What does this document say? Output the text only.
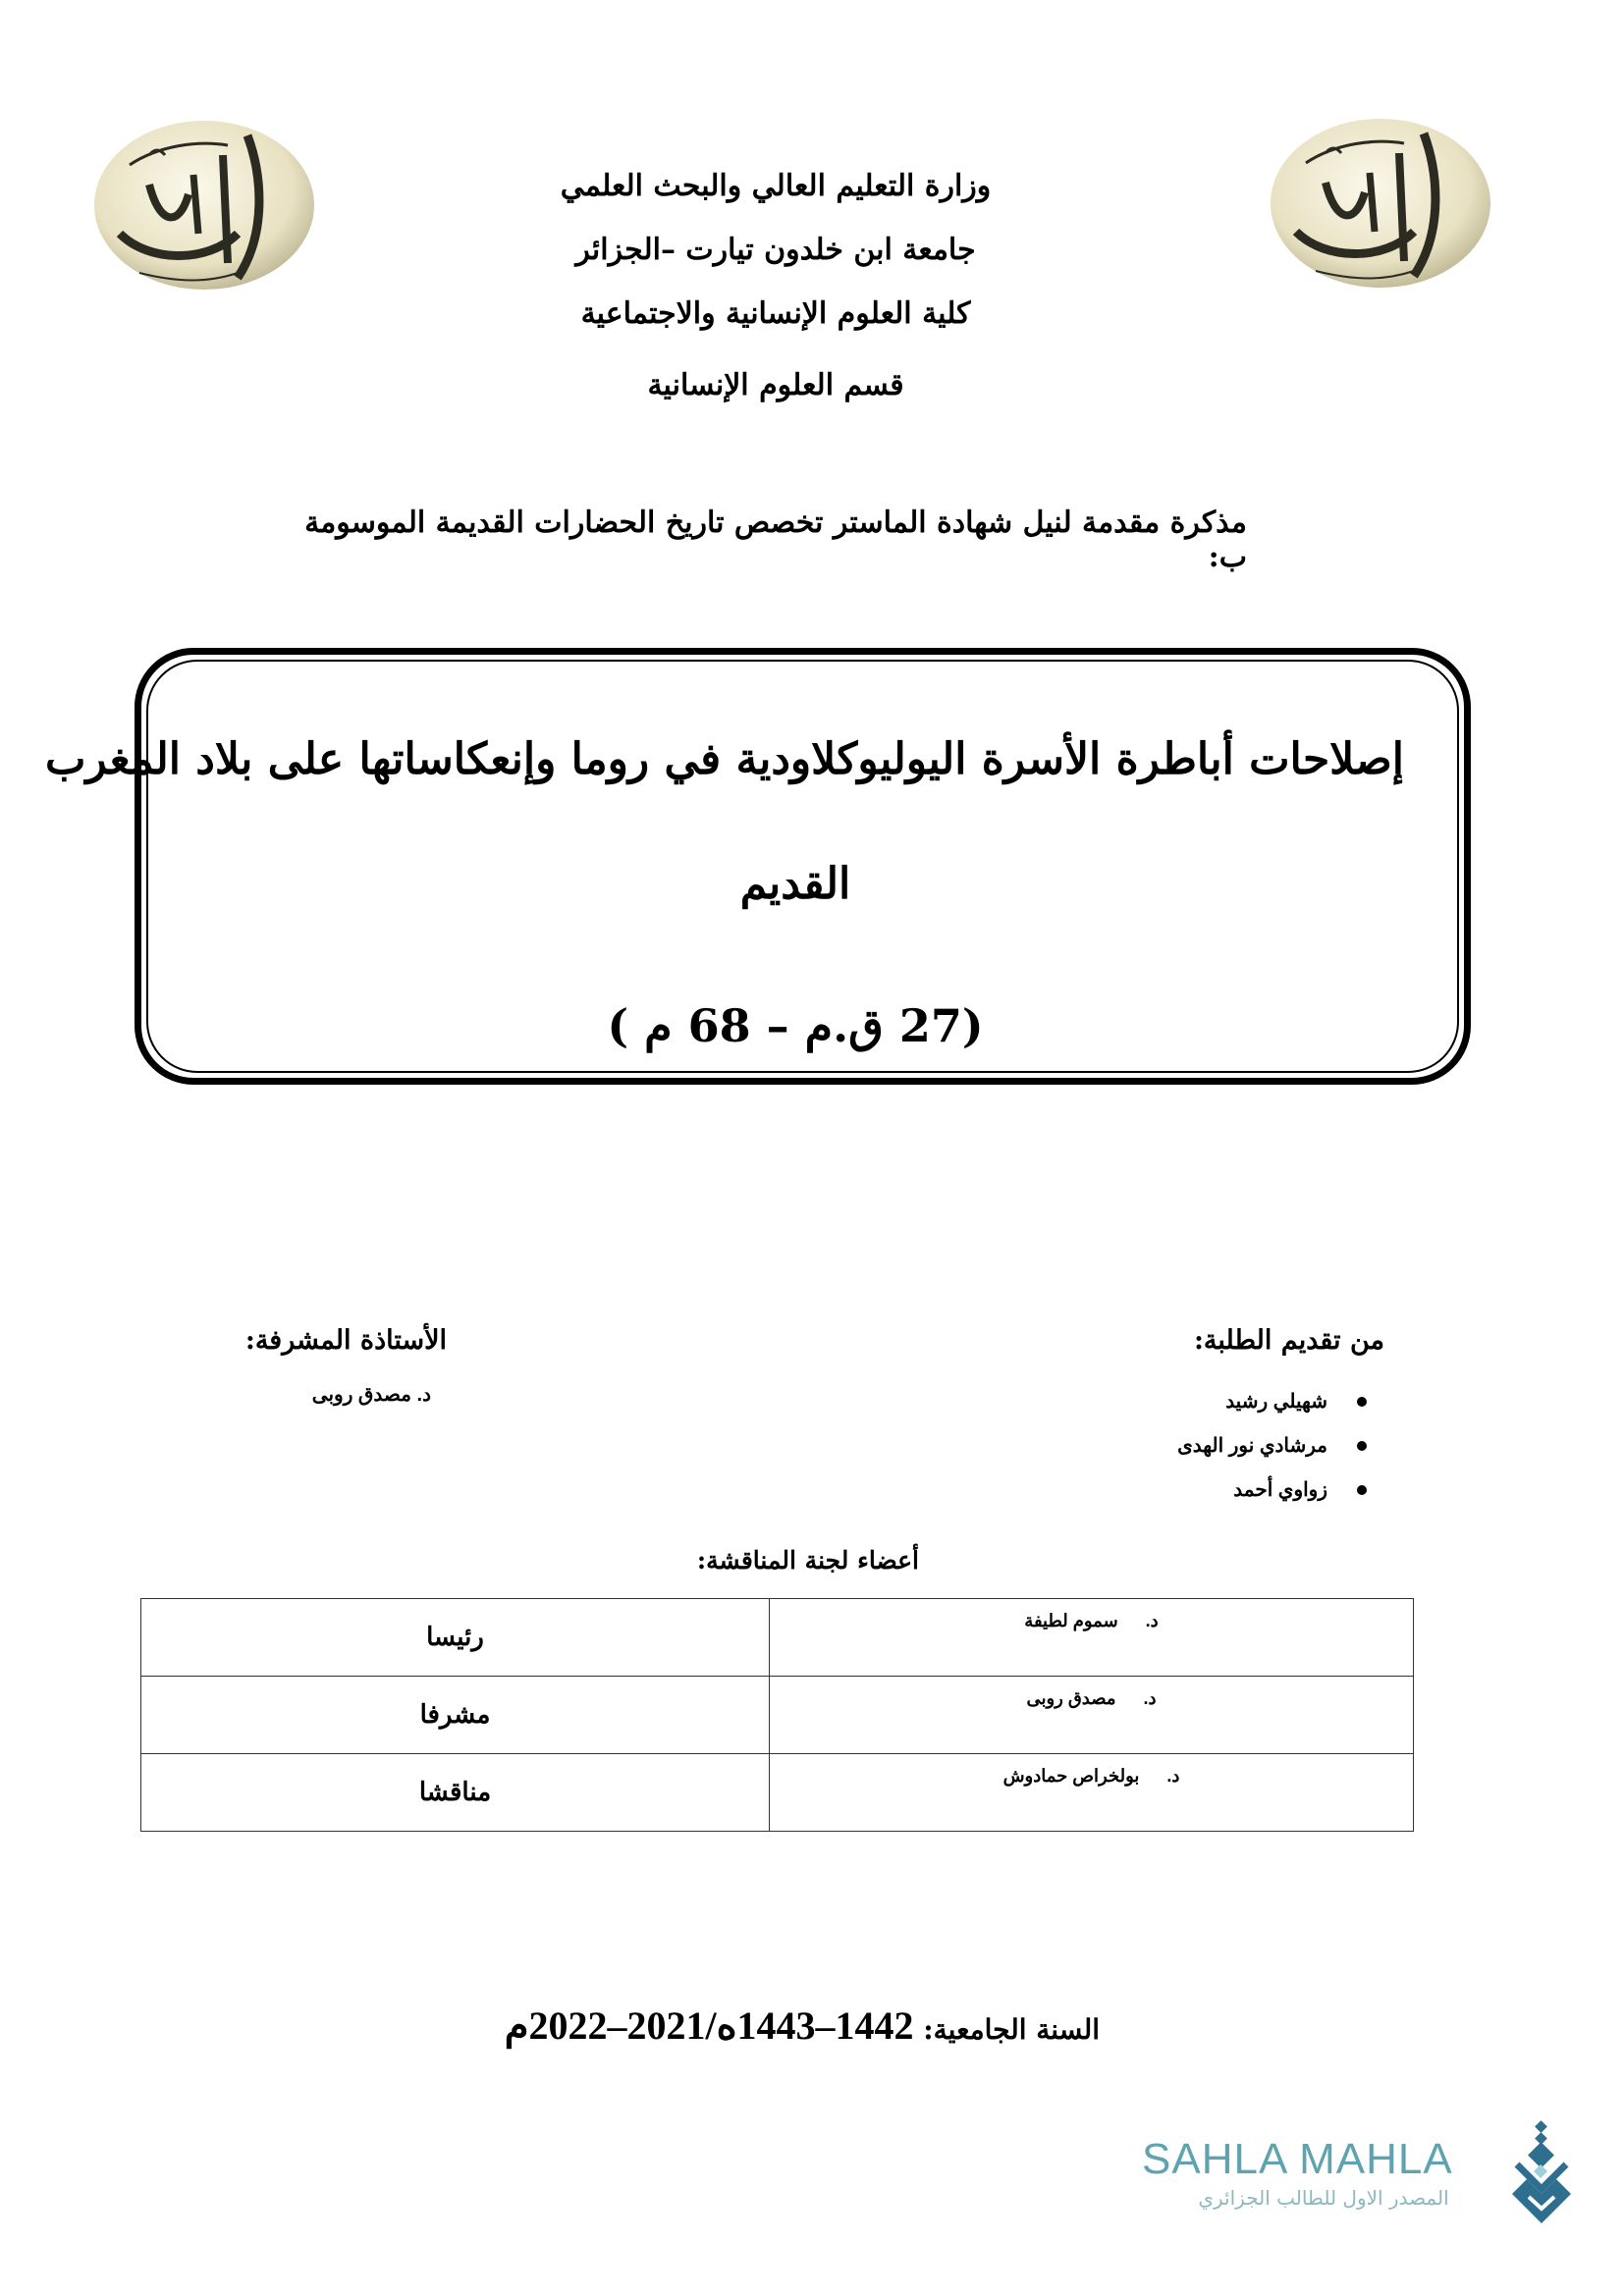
وزارة التعليم العالي والبحث العلمي
جامعة ابن خلدون تيارت –الجزائر
كلية العلوم الإنسانية والاجتماعية
قسم العلوم الإنسانية
مذكرة مقدمة لنيل شهادة الماستر تخصص تاريخ الحضارات القديمة الموسومة ب:
إصلاحات أباطرة الأسرة اليوليوكلاودية في روما وإنعكاساتها على بلاد المغرب
القديم
(27 ق.م – 68 م )
من تقديم الطلبة:
شهيلي رشيد
مرشادي نور الهدى
زواوي أحمد
الأستاذة المشرفة:
د. مصدق روبى
أعضاء لجنة المناقشة:
د.سموم لطيفة	رئيسا
د.مصدق روبى	مشرفا
د.بولخراص حمادوش	مناقشا
السنة الجامعية: 1442–1443ه/2021–2022م
SAHLA MAHLA
المصدر الاول للطالب الجزائري
